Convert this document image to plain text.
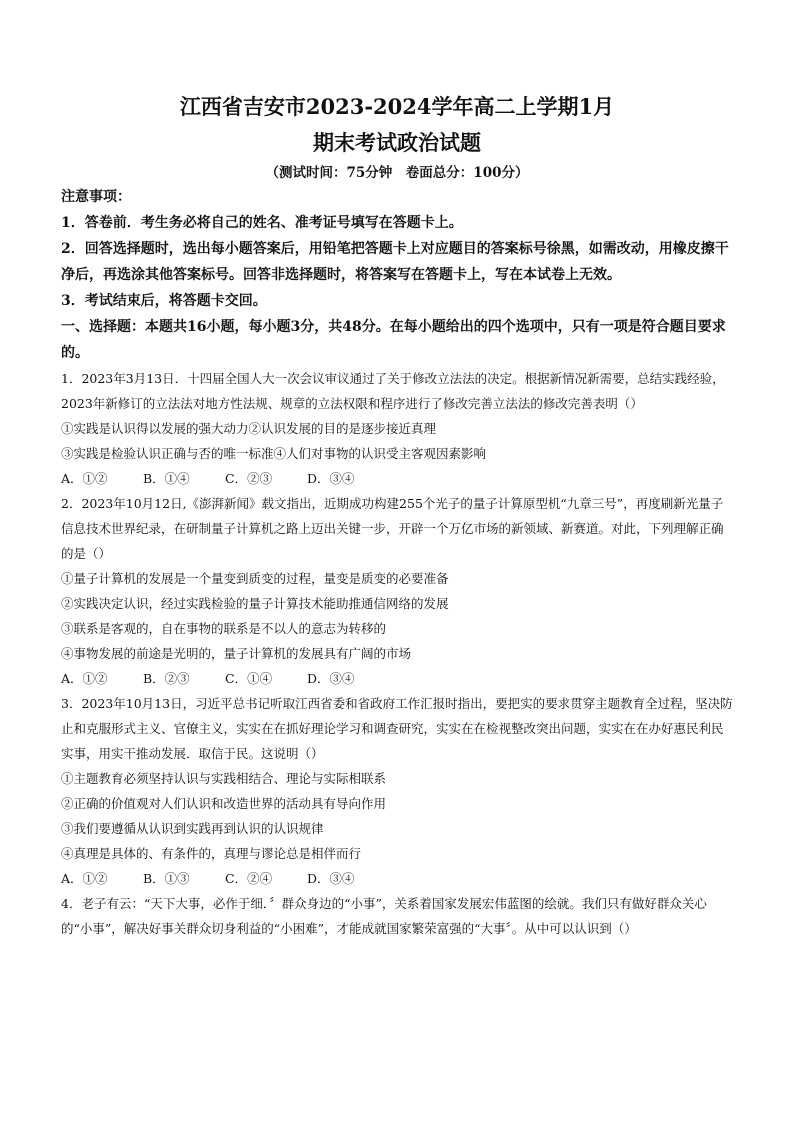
江西省吉安市2023-2024学年高二上学期1月
期末考试政治试题
（测试时间：75分钟　卷面总分：100分）

注意事项：

1．答卷前．考生务必将自己的姓名、准考证号填写在答题卡上。

2．回答选择题时，选出每小题答案后，用铅笔把答题卡上对应题目的答案标号徐黑，如需改动，用橡皮擦干净后，再选涂其他答案标号。回答非选择题时，将答案写在答题卡上，写在本试卷上无效。

3．考试结束后，将答题卡交回。

一、选择题：本题共16小题，每小题3分，共48分。在每小题给出的四个选项中，只有一项是符合题目要求的。

1．2023年3月13日．十四届全国人大一次会议审议通过了关于修改立法法的决定。根据新情况新需要，总结实践经验，2023年新修订的立法法对地方性法规、规章的立法权限和程序进行了修改完善立法法的修改完善表明（）

①实践是认识得以发展的强大动力②认识发展的目的是逐步接近真理

③实践是检验认识正确与否的唯一标准④人们对事物的认识受主客观因素影响

A．①②	B．①④	C．②③	D．③④

2．2023年10月12日,《澎湃新闻》载文指出，近期成功构建255个光子的量子计算原型机“九章三号”，再度刷新光量子信息技术世界纪录，在研制量子计算机之路上迈出关键一步，开辟一个万亿市场的新领域、新赛道。对此，下列理解正确的是（）

①量子计算机的发展是一个量变到质变的过程，量变是质变的必要准备

②实践决定认识，经过实践检验的量子计算技术能助推通信网络的发展

③联系是客观的，自在事物的联系是不以人的意志为转移的

④事物发展的前途是光明的，量子计算机的发展具有广阔的市场

A．①②	B．②③	C．①④	D．③④

3．2023年10月13日，习近平总书记听取江西省委和省政府工作汇报时指出，要把实的要求贯穿主题教育全过程，坚决防止和克服形式主义、官僚主义，实实在在抓好理论学习和调查研究，实实在在检视整改突出问题，实实在在办好惠民利民实事，用实干推动发展．取信于民。这说明（）

①主题教育必须坚持认识与实践相结合、理论与实际相联系

②正确的价值观对人们认识和改造世界的活动具有导向作用

③我们要遵循从认识到实践再到认识的认识规律

④真理是具体的、有条件的，真理与谬论总是相伴而行

A．①②	B．①③	C．②④	D．③④

4．老子有云：“天下大事，必作于细．〞群众身边的“小事”，关系着国家发展宏伟蓝图的绘就。我们只有做好群众关心的“小事”，解决好事关群众切身利益的“小困难”，才能成就国家繁荣富强的“大事〞。从中可以认识到（）
